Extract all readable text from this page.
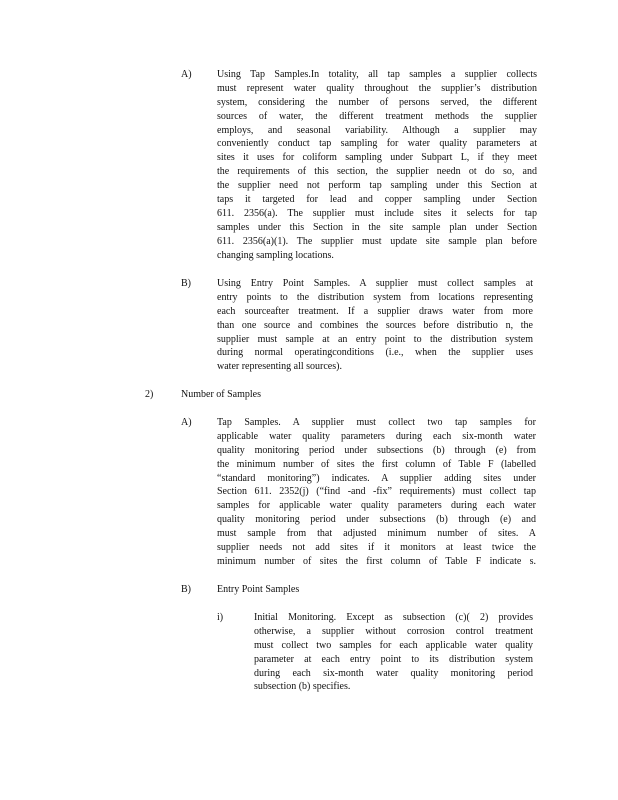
A)	Using Tap Samples.In totality, all tap samples a supplier collects
must represent water quality throughout the supplier’s distribution
system, considering the number of persons served, the different
sources of water, the different treatment methods the supplier
employs, and seasonal variability. Although a supplier may
conveniently conduct tap sampling for water quality parameters at
sites it uses for coliform sampling under Subpart L, if they meet
the requirements of this section, the supplier needn ot do so, and
the supplier need not perform tap sampling under this Section at
taps it targeted for lead and copper sampling under Section
611. 2356(a). The supplier must include sites it selects for tap
samples under this Section in the site sample plan under Section
611. 2356(a)(1). The supplier must update site sample plan before
changing sampling locations.
B)	Using Entry Point Samples. A supplier must collect samples at
entry points to the distribution system from locations representing
each sourceafter treatment. If a supplier draws water from more
than one source and combines the sources before distributio n, the
supplier must sample at an entry point to the distribution system
during normal operatingconditions (i.e., when the supplier uses
water representing all sources).
2)	Number of Samples
A)	Tap Samples. A supplier must collect two tap samples for
applicable water quality parameters during each six-month water
quality monitoring period under subsections (b) through (e) from
the minimum number of sites the first column of Table F (labelled
“standard monitoring”) indicates. A supplier adding sites under
Section 611. 2352(j) (“find -and -fix” requirements) must collect tap
samples for applicable water quality parameters during each water
quality monitoring period under subsections (b) through (e) and
must sample from that adjusted minimum number of sites. A
supplier needs not add sites if it monitors at least twice the
minimum number of sites the first column of Table F indicate s.
B)	Entry Point Samples
i)	Initial Monitoring. Except as subsection (c)( 2) provides
otherwise, a supplier without corrosion control treatment
must collect two samples for each applicable water quality
parameter at each entry point to its distribution system
during each six-month water quality monitoring period
subsection (b) specifies.
